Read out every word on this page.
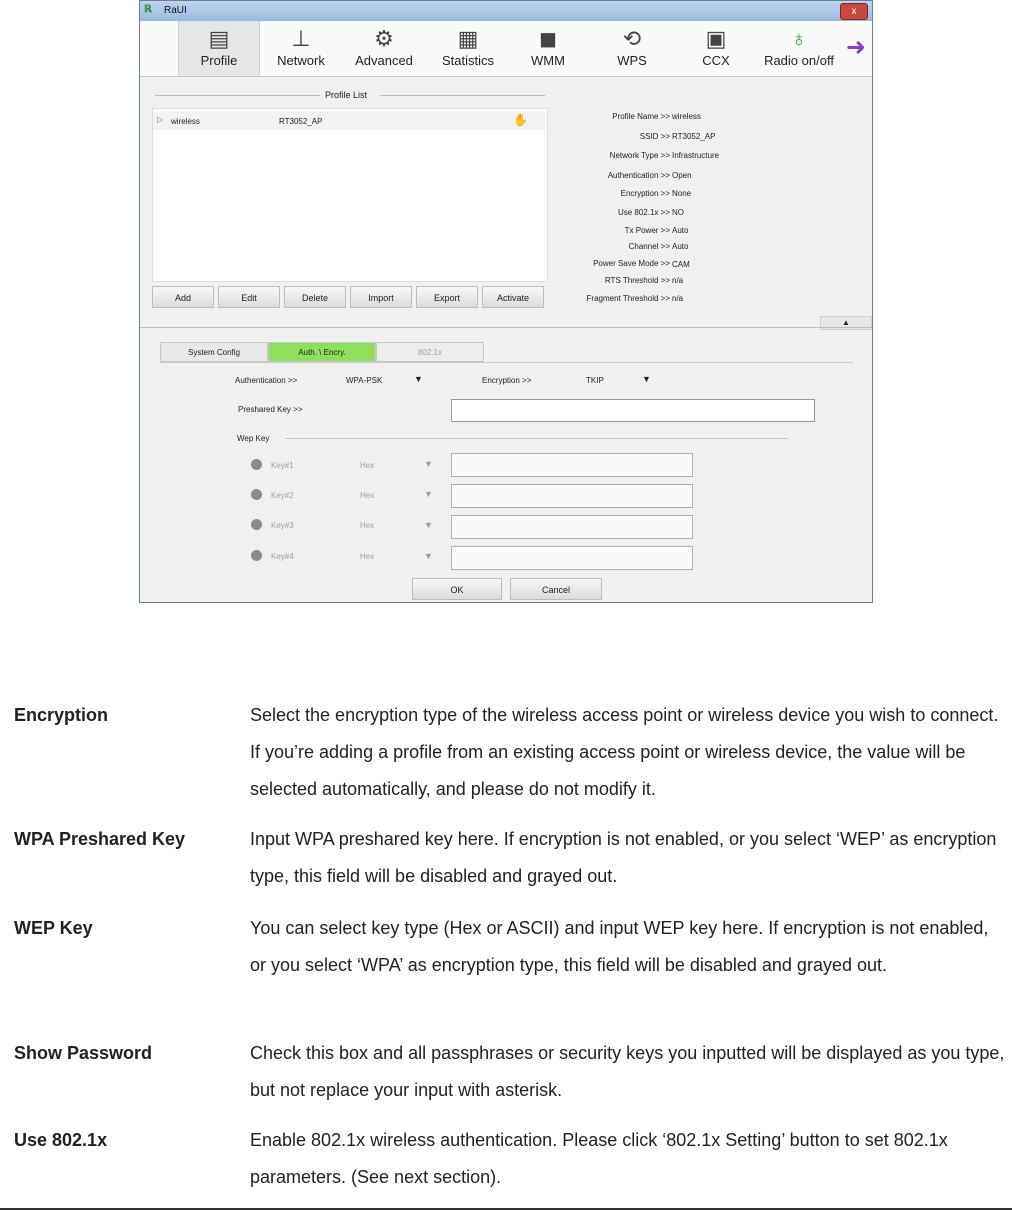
ℝ RaUI	x
▤
Profile
⊥
Network
⚙
Advanced
▦
Statistics
◼
WMM
⟲
WPS
▣
CCX
♁
Radio on/off ➜
Profile List
▷ wireless	RT3052_AP	✋
Add	Edit	Delete	Import	Export	Activate
Profile Name >> wireless
SSID >> RT3052_AP
Network Type >> Infrastructure
Authentication >> Open
Encryption >> None
Use 802.1x >> NO
Tx Power >> Auto
Channel >> Auto
Power Save Mode >> CAM
RTS Threshold >> n/a
Fragment Threshold >> n/a
▲
System Config	Auth. \ Encry.	802.1x
Authentication >>	WPA-PSK	▼	Encryption >>	TKIP	▼
Preshared Key >>
Wep Key
Key#1	Hex	▼
Key#2	Hex	▼
Key#3	Hex	▼
Key#4	Hex	▼
OK	Cancel
Encryption	Select the encryption type of the wireless access point or wireless device you wish to connect. If you’re adding a profile from an existing access point or wireless device, the value will be selected automatically, and please do not modify it.
WPA Preshared Key	Input WPA preshared key here. If encryption is not enabled, or you select ‘WEP’ as encryption type, this field will be disabled and grayed out.
WEP Key	You can select key type (Hex or ASCII) and input WEP key here. If encryption is not enabled, or you select ‘WPA’ as encryption type, this field will be disabled and grayed out.
Show Password	Check this box and all passphrases or security keys you inputted will be displayed as you type, but not replace your input with asterisk.
Use 802.1x	Enable 802.1x wireless authentication. Please click ‘802.1x Setting’ button to set 802.1x parameters. (See next section).
